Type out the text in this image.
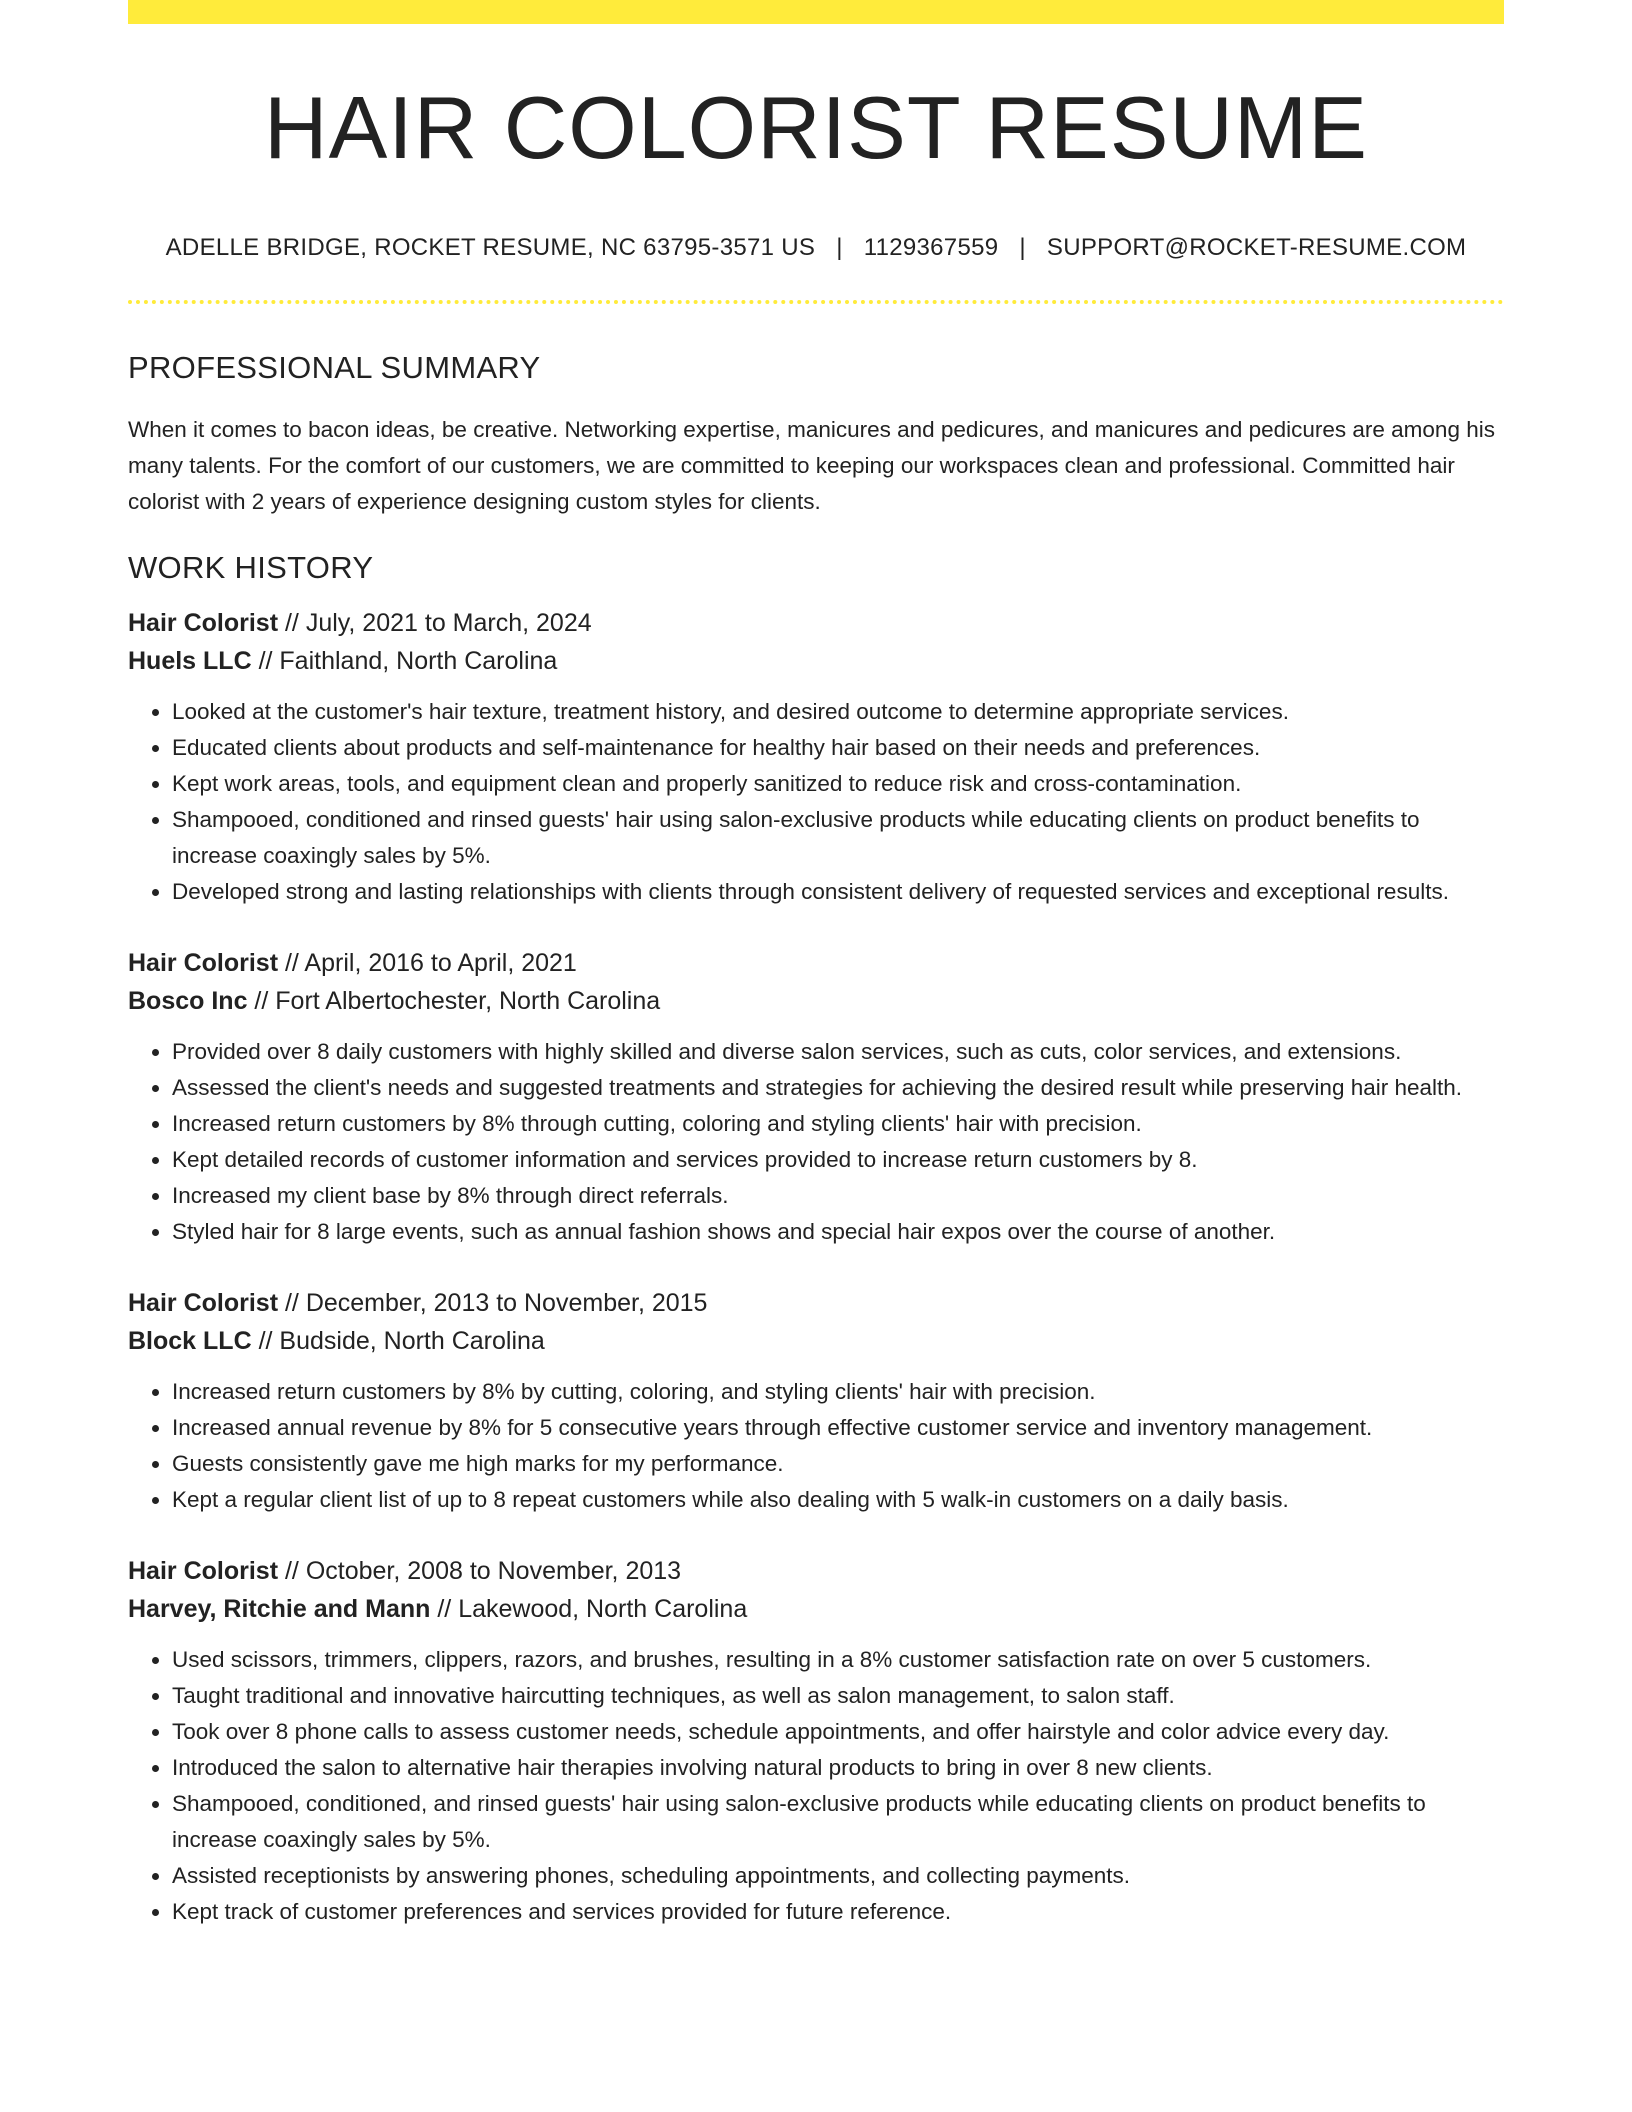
HAIR COLORIST RESUME
ADELLE BRIDGE, ROCKET RESUME, NC 63795-3571 US | 1129367559 | SUPPORT@ROCKET-RESUME.COM
PROFESSIONAL SUMMARY

When it comes to bacon ideas, be creative. Networking expertise, manicures and pedicures, and manicures and pedicures are among his many talents. For the comfort of our customers, we are committed to keeping our workspaces clean and professional. Committed hair colorist with 2 years of experience designing custom styles for clients.

WORK HISTORY
Hair Colorist // July, 2021 to March, 2024
Huels LLC // Faithland, North Carolina
• Looked at the customer's hair texture, treatment history, and desired outcome to determine appropriate services.
• Educated clients about products and self-maintenance for healthy hair based on their needs and preferences.
• Kept work areas, tools, and equipment clean and properly sanitized to reduce risk and cross-contamination.
• Shampooed, conditioned and rinsed guests' hair using salon-exclusive products while educating clients on product benefits to increase coaxingly sales by 5%.
• Developed strong and lasting relationships with clients through consistent delivery of requested services and exceptional results.
Hair Colorist // April, 2016 to April, 2021
Bosco Inc // Fort Albertochester, North Carolina
• Provided over 8 daily customers with highly skilled and diverse salon services, such as cuts, color services, and extensions.
• Assessed the client's needs and suggested treatments and strategies for achieving the desired result while preserving hair health.
• Increased return customers by 8% through cutting, coloring and styling clients' hair with precision.
• Kept detailed records of customer information and services provided to increase return customers by 8.
• Increased my client base by 8% through direct referrals.
• Styled hair for 8 large events, such as annual fashion shows and special hair expos over the course of another.
Hair Colorist // December, 2013 to November, 2015
Block LLC // Budside, North Carolina
• Increased return customers by 8% by cutting, coloring, and styling clients' hair with precision.
• Increased annual revenue by 8% for 5 consecutive years through effective customer service and inventory management.
• Guests consistently gave me high marks for my performance.
• Kept a regular client list of up to 8 repeat customers while also dealing with 5 walk-in customers on a daily basis.
Hair Colorist // October, 2008 to November, 2013
Harvey, Ritchie and Mann // Lakewood, North Carolina
• Used scissors, trimmers, clippers, razors, and brushes, resulting in a 8% customer satisfaction rate on over 5 customers.
• Taught traditional and innovative haircutting techniques, as well as salon management, to salon staff.
• Took over 8 phone calls to assess customer needs, schedule appointments, and offer hairstyle and color advice every day.
• Introduced the salon to alternative hair therapies involving natural products to bring in over 8 new clients.
• Shampooed, conditioned, and rinsed guests' hair using salon-exclusive products while educating clients on product benefits to increase coaxingly sales by 5%.
• Assisted receptionists by answering phones, scheduling appointments, and collecting payments.
• Kept track of customer preferences and services provided for future reference.
